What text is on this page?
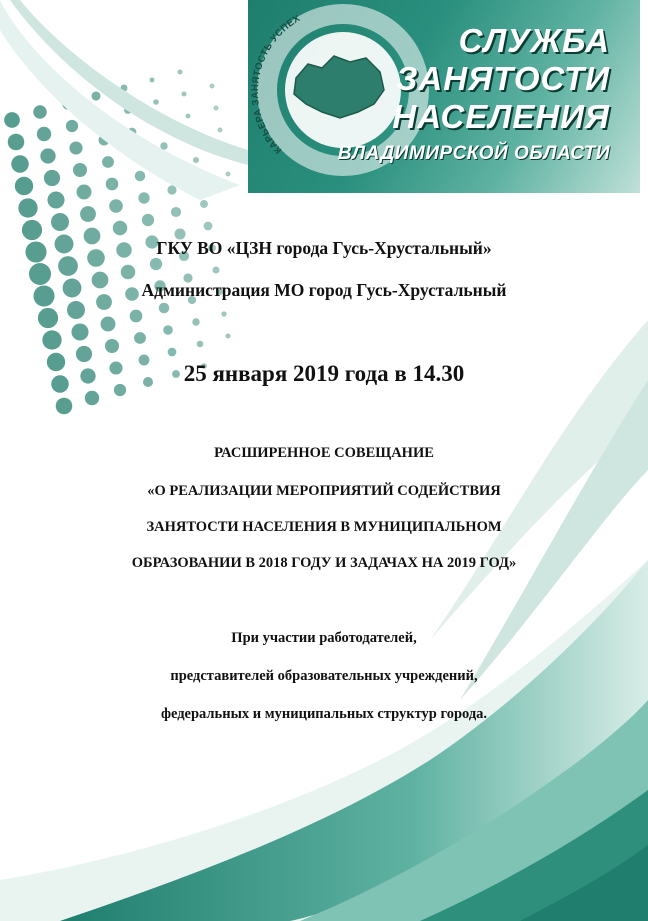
КАРЬЕРА ЗАНЯТОСТЬ УСПЕХ
СЛУЖБА
ЗАНЯТОСТИ
НАСЕЛЕНИЯ
ВЛАДИМИРСКОЙ ОБЛАСТИ
ГКУ ВО «ЦЗН города Гусь-Хрустальный»
Администрация МО город Гусь-Хрустальный
25 января 2019 года в 14.30
РАСШИРЕННОЕ СОВЕЩАНИЕ
«О РЕАЛИЗАЦИИ МЕРОПРИЯТИЙ СОДЕЙСТВИЯ
ЗАНЯТОСТИ НАСЕЛЕНИЯ В МУНИЦИПАЛЬНОМ
ОБРАЗОВАНИИ В 2018 ГОДУ И ЗАДАЧАХ НА 2019 ГОД»
При участии работодателей,
представителей образовательных учреждений,
федеральных и муниципальных структур города.
